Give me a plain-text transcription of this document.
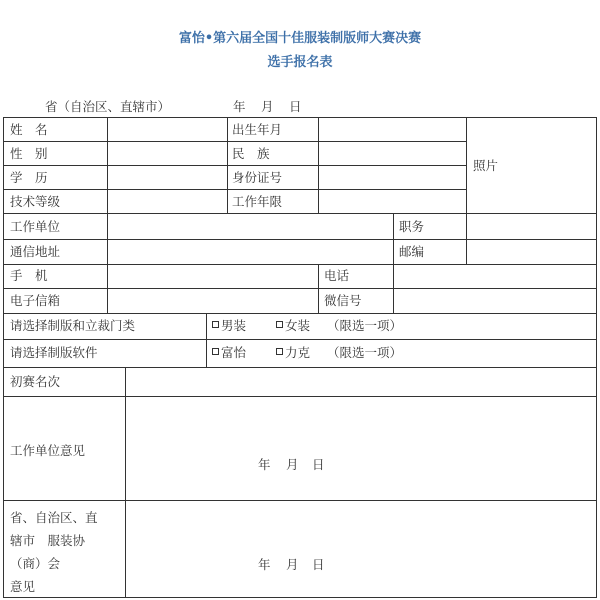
富怡•第六届全国十佳服装制版师大赛决赛
选手报名表
省（自治区、直辖市）	年 月 日
姓　名	出生年月
性　别	民　族
照片
学　历	身份证号
技术等级	工作年限
工作单位	职务
通信地址	邮编
手　机	电话
电子信箱	微信号
请选择制版和立裁门类	男装	女装 （限选一项）
请选择制版软件	富怡	力克 （限选一项）
初赛名次
工作单位意见
年 月 日
省、自治区、直
辖市　服装协
（商）会
意见
年 月 日
